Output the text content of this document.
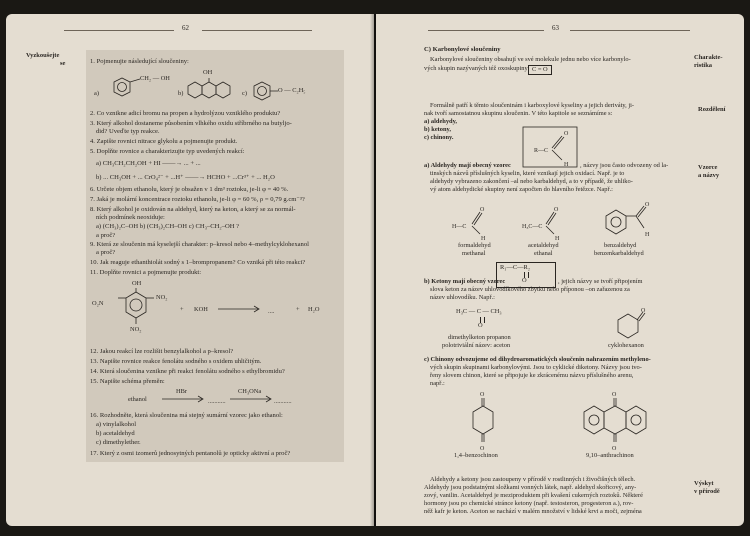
62
Vyzkoušejte
se	1. Pojmenujte následující sloučeniny:
a)
CH₂ — OH
b)
OH
c)	O — C₂H₅
2. Co vznikne adicí bromu na propen a hydrolýzou vzniklého produktu?
3. Který alkohol dostaneme působením vlhkého oxidu stříbrného na butyljo-
did? Uveďte typ reakce.
4. Zapište rovnici nitrace glykolu a pojmenujte produkt.
5. Doplňte rovnice a charakterizujte typ uvedených reakcí:
a) CH₃CH₂CH₂OH + HI ——→ ... + ...
b) ... CH₃OH + ... CrO₄²⁻ + ...H⁺ ——→ HCHO + ...Cr³⁺ + ... H₂O
6. Určete objem ethanolu, který je obsažen v 1 dm³ roztoku, je-li φ = 40 %.
7. Jaká je molární koncentrace roztoku ethanolu, je-li φ = 60 %, ρ = 0,79 g.cm⁻³?
8. Který alkohol je oxidován na aldehyd, který na keton, a který se za normál-
ních podmínek neoxiduje:
a) (CH₃)₂C–OH b) (CH₃)₂CH–OH c) CH₃–CH₂–OH ?
a proč?
9. Která ze sloučenin má kyselejší charakter: p–kresol nebo 4–methylcyklohexanol
a proč?
10. Jak reaguje ethanthiolát sodný s 1–brompropanem? Co vzniká při této reakci?
11. Doplňte rovnici a pojmenujte produkt:
OH
O₂N
NO₂
NO₂
+ KOH → ....	+ H₂O
12. Jakou reakcí lze rozlišit benzylalkohol a p–kresol?
13. Napište rovnice reakce fenolátu sodného s oxidem uhličitým.
14. Která sloučenina vznikne při reakci fenolátu sodného s ethylbromidu?
15. Napište schéma přeměn:
ethanol
HBr
...........
CH₃ONa
...........
16. Rozhodněte, která sloučenina má stejný sumární vzorec jako ethanol:
a) vinylalkohol
b) acetaldehyd
c) dimethylether.
17. Který z osmi izomerů jednosytných pentanolů je opticky aktivní a proč?
63
C) Karbonylové sloučeniny
Charakte-
ristika
Rozdělení
Vzorce
a názvy
Výskyt
v přírodě
Karbonylové sloučeniny obsahují ve své molekule jednu nebo více karbonylo-
vých skupin nazývaných též oxoskupiny C = O
Formálně patří k těmto sloučeninám i karboxylové kyseliny a jejich deriváty, ji-
nak tvoří samostatnou skupinu sloučenin. V této kapitole se seznámíme s:
a) aldehydy,
b) ketony,
c) chinony.
R—C
O
H
a) Aldehydy mají obecný vzorec	, názvy jsou často odvozeny od la-
tinských názvů příslušných kyselin, které vznikají jejich oxidací. Např. je to
aldehydy vybrazeno zakončení –al nebo karbaldehyd, a to v případě, že uhliko-
vý atom aldehydické skupiny není započten do hlavního řetězce. Např.:
H—C
O
H
formaldehyd
methanal
H₃C—C
O
H
acetaldehyd
ethanal
O
H
benzaldehyd
benzenkarbaldehyd
R₁—C—R₂
O
b) Ketony mají obecný vzorec	, jejich názvy se tvoří připojením
slova keton za název uhlovodíkového zbytku nebo příponou –on zařazenou za
název uhlovodíku. Např.:
H₃C — C — CH₃
O
dimethylketon propanon
polotriviální název: aceton
O
cyklohexanon
c) Chinony odvozujeme od dihydroaromatických sloučenin nahrazením methyleno-
vých skupin skupinami karbonylovými. Jsou to cyklické diketony. Názvy jsou tvo-
řeny slovem chinon, které se připojuje ke zkrácenému názvu příslušného arenu,
např.:
O
O
1,4–benzochinon
O
O
9,10–anthrachinon
Aldehydy a ketony jsou zastoupeny v přírodě v rostlinných i živočišných tělech.
Aldehydy jsou podstatnými složkami vonných látek, např. aldehyd skořicový, any-
zový, vanilin. Acetaldehyd je meziproduktem při kvašení cukerných roztoků. Některé
hormony jsou po chemické stránce ketony (např. testosteron, progesteron a.), rov-
něž kafr je keton. Aceton se nachází v malém množství v lidské krvi a moči, zejména
